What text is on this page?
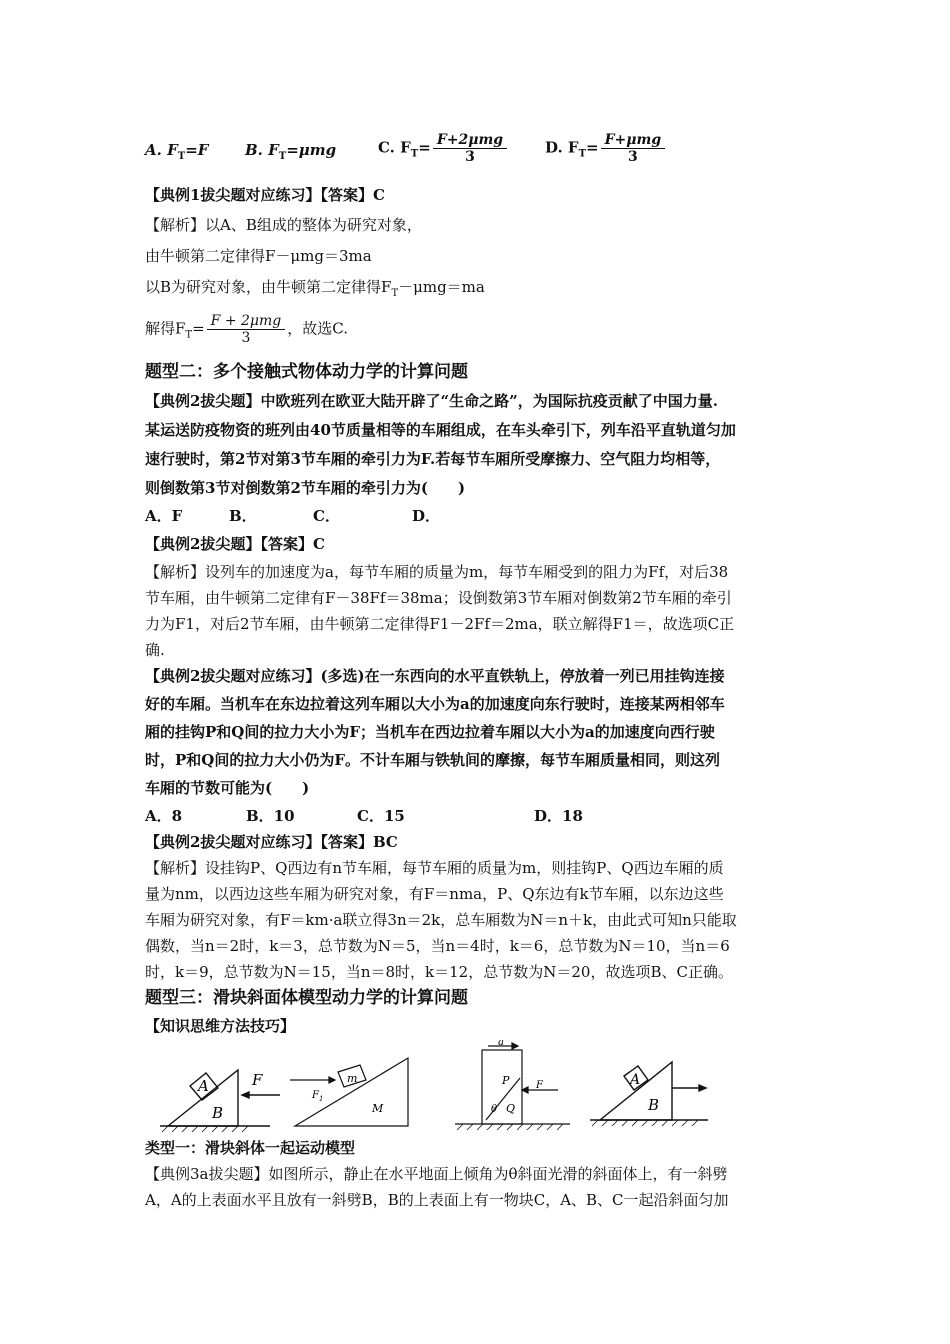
A. $F_T=F$ B. $F_T=\mu mg$	C. $F_T= \frac{\text{F+2μmg}}{3}$	D. $F_T= \frac{\text{F+μmg}}{3}$
【典例1拔尖题对应练习】【答案】C
【解析】以A、B组成的整体为研究对象，
由牛顿第二定律得F－μmg＝3ma
以B为研究对象，由牛顿第二定律得$F_T-\mu mg=ma$
解得$F_T= \frac{\text{F + 2μmg}}{3}$ ，故选C.
题型二：多个接触式物体动力学的计算问题
【典例2拔尖题】中欧班列在欧亚大陆开辟了“生命之路”，为国际抗疫贡献了中国力量.
某运送防疫物资的班列由40节质量相等的车厢组成，在车头牵引下，列车沿平直轨道匀加
速行驶时，第2节对第3节车厢的牵引力为F.若每节车厢所受摩擦力、空气阻力均相等，
则倒数第3节对倒数第2节车厢的牵引力为(　　)
A．F	B．	C．	D．
【典例2拔尖题】【答案】C
【解析】设列车的加速度为a，每节车厢的质量为m，每节车厢受到的阻力为Ff，对后38
节车厢，由牛顿第二定律有F－38Ff＝38ma；设倒数第3节车厢对倒数第2节车厢的牵引
力为F1，对后2节车厢，由牛顿第二定律得F1－2Ff＝2ma，联立解得F1＝，故选项C正
确.
【典例2拔尖题对应练习】(多选)在一东西向的水平直铁轨上，停放着一列已用挂钩连接
好的车厢。当机车在东边拉着这列车厢以大小为a的加速度向东行驶时，连接某两相邻车
厢的挂钩P和Q间的拉力大小为F；当机车在西边拉着车厢以大小为a的加速度向西行驶
时，P和Q间的拉力大小仍为F。不计车厢与铁轨间的摩擦，每节车厢质量相同，则这列
车厢的节数可能为(　　)
A．8	B．10	C．15	D．18
【典例2拔尖题对应练习】【答案】BC
【解析】设挂钩P、Q西边有n节车厢，每节车厢的质量为m，则挂钩P、Q西边车厢的质
量为nm，以西边这些车厢为研究对象，有F＝nma，P、Q东边有k节车厢，以东边这些
车厢为研究对象，有F＝km·a联立得3n＝2k，总车厢数为N＝n＋k，由此式可知n只能取
偶数，当n＝2时，k＝3，总节数为N＝5，当n＝4时，k＝6，总节数为N＝10，当n＝6
时，k＝9，总节数为N＝15，当n＝8时，k＝12，总节数为N＝20，故选项B、C正确。
题型三：滑块斜面体模型动力学的计算问题
【知识思维方法技巧】
A
B
F	m
$F_1$
M
a
P	F
θ Q
A
B
类型一：滑块斜体一起运动模型
【典例3a拔尖题】如图所示，静止在水平地面上倾角为θ斜面光滑的斜面体上，有一斜劈
A，A的上表面水平且放有一斜劈B，B的上表面上有一物块C，A、B、C一起沿斜面匀加
